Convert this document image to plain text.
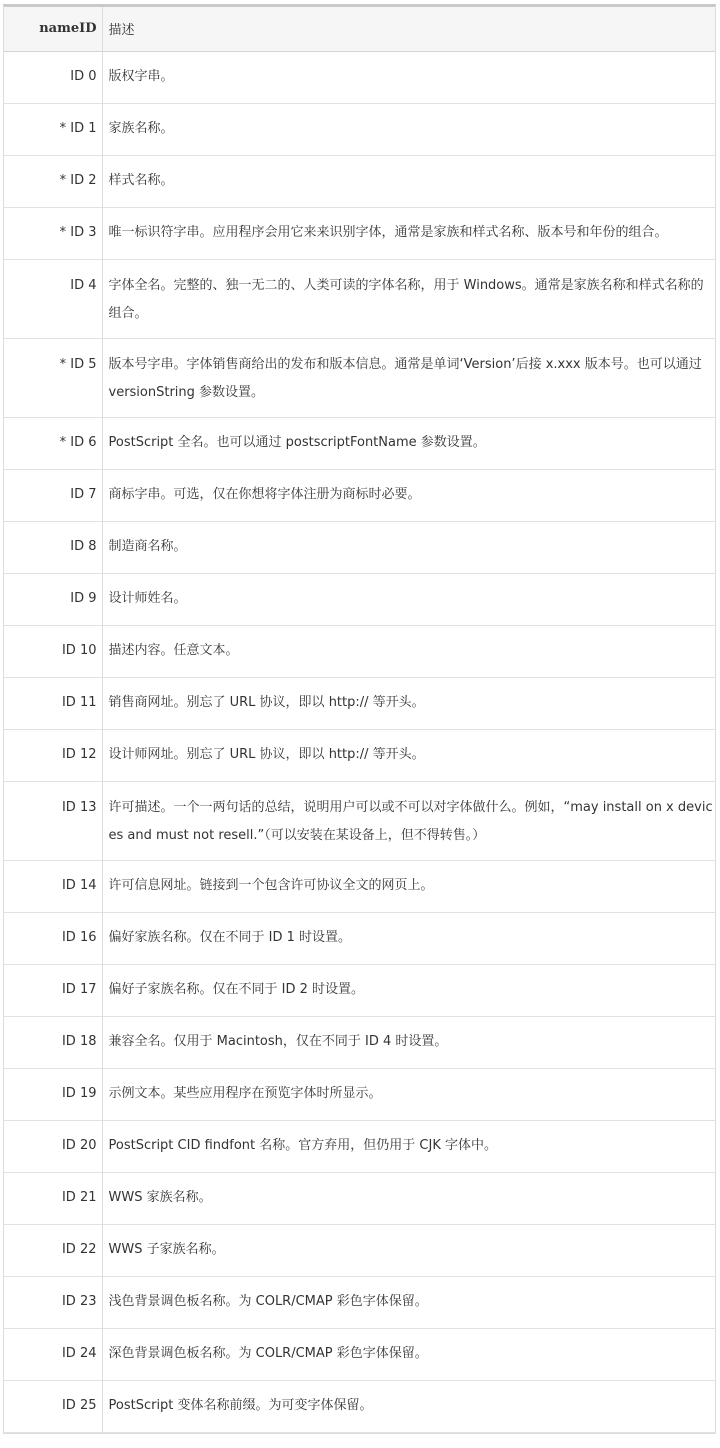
nameID	描述
ID 0	版权字串。
* ID 1	家族名称。
* ID 2	样式名称。
* ID 3	唯一标识符字串。应用程序会用它来来识别字体，通常是家族和样式名称、版本号和年份的组合。
ID 4	字体全名。完整的、独一无二的、人类可读的字体名称，用于 Windows。通常是家族名称和样式名称的组合。
* ID 5	版本号字串。字体销售商给出的发布和版本信息。通常是单词‘Version’后接 x.xxx 版本号。也可以通过 versionString 参数设置。
* ID 6	PostScript 全名。也可以通过 postscriptFontName 参数设置。
ID 7	商标字串。可选，仅在你想将字体注册为商标时必要。
ID 8	制造商名称。
ID 9	设计师姓名。
ID 10	描述内容。任意文本。
ID 11	销售商网址。别忘了 URL 协议，即以 http:// 等开头。
ID 12	设计师网址。别忘了 URL 协议，即以 http:// 等开头。
ID 13	许可描述。一个一两句话的总结，说明用户可以或不可以对字体做什么。例如，“may install on x devices and must not resell.”（可以安装在某设备上，但不得转售。）
ID 14	许可信息网址。链接到一个包含许可协议全文的网页上。
ID 16	偏好家族名称。仅在不同于 ID 1 时设置。
ID 17	偏好子家族名称。仅在不同于 ID 2 时设置。
ID 18	兼容全名。仅用于 Macintosh，仅在不同于 ID 4 时设置。
ID 19	示例文本。某些应用程序在预览字体时所显示。
ID 20	PostScript CID findfont 名称。官方弃用，但仍用于 CJK 字体中。
ID 21	WWS 家族名称。
ID 22	WWS 子家族名称。
ID 23	浅色背景调色板名称。为 COLR/CMAP 彩色字体保留。
ID 24	深色背景调色板名称。为 COLR/CMAP 彩色字体保留。
ID 25	PostScript 变体名称前缀。为可变字体保留。
